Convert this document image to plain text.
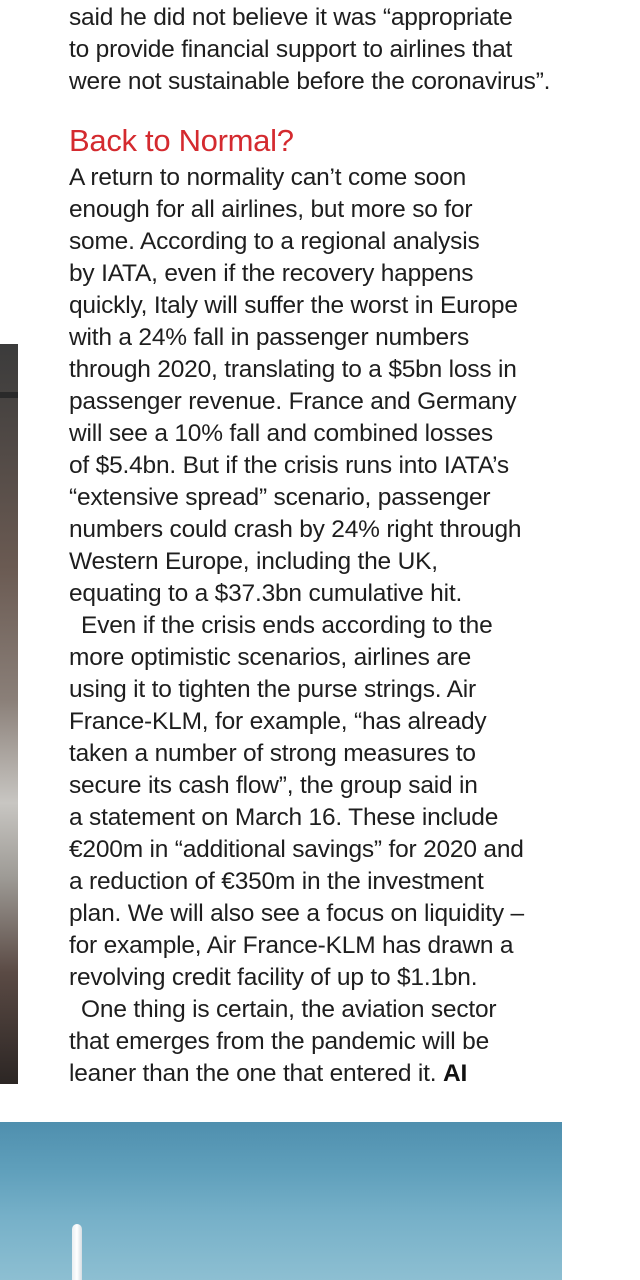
said he did not believe it was “appropriate
to provide financial support to airlines that
were not sustainable before the coronavirus”.
Back to Normal?
A return to normality can’t come soon
enough for all airlines, but more so for
some. According to a regional analysis
by IATA, even if the recovery happens
quickly, Italy will suffer the worst in Europe
with a 24% fall in passenger numbers
through 2020, translating to a $5bn loss in
passenger revenue. France and Germany
will see a 10% fall and combined losses
of $5.4bn. But if the crisis runs into IATA’s
“extensive spread” scenario, passenger
numbers could crash by 24% right through
Western Europe, including the UK,
equating to a $37.3bn cumulative hit.
 Even if the crisis ends according to the
more optimistic scenarios, airlines are
using it to tighten the purse strings. Air
France-KLM, for example, “has already
taken a number of strong measures to
secure its cash flow”, the group said in
a statement on March 16. These include
€200m in “additional savings” for 2020 and
a reduction of €350m in the investment
plan. We will also see a focus on liquidity –
for example, Air France-KLM has drawn a
revolving credit facility of up to $1.1bn.
 One thing is certain, the aviation sector
that emerges from the pandemic will be
leaner than the one that entered it. AI
